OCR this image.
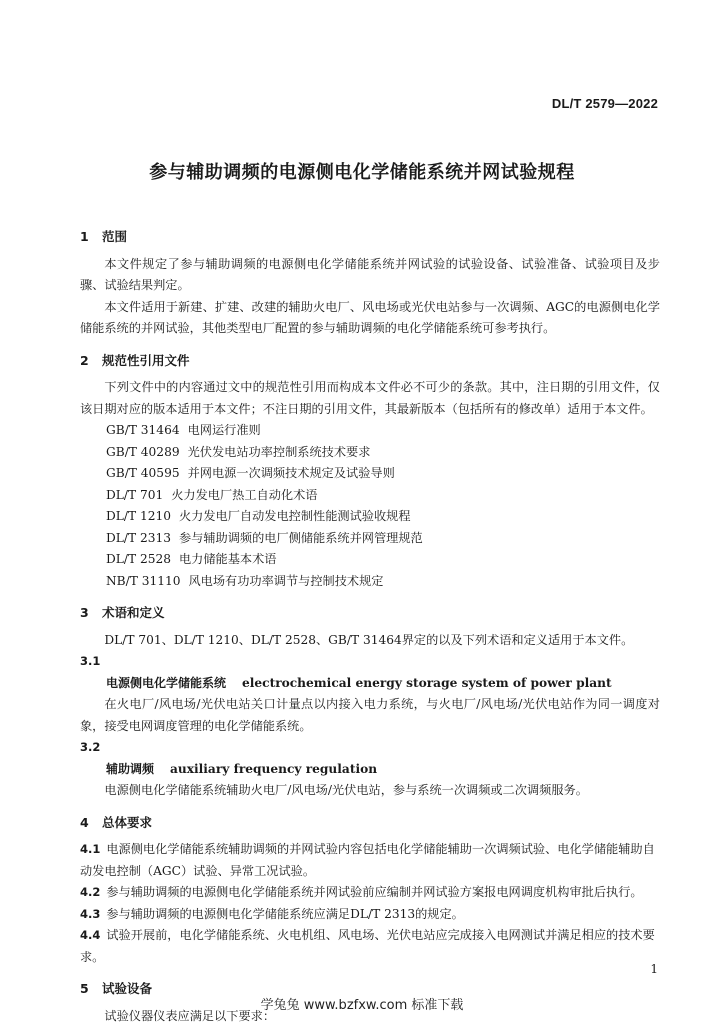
DL/T 2579—2022
参与辅助调频的电源侧电化学储能系统并网试验规程
1 范围

本文件规定了参与辅助调频的电源侧电化学储能系统并网试验的试验设备、试验准备、试验项目及步骤、试验结果判定。

本文件适用于新建、扩建、改建的辅助火电厂、风电场或光伏电站参与一次调频、AGC的电源侧电化学储能系统的并网试验，其他类型电厂配置的参与辅助调频的电化学储能系统可参考执行。

2 规范性引用文件

下列文件中的内容通过文中的规范性引用而构成本文件必不可少的条款。其中，注日期的引用文件，仅该日期对应的版本适用于本文件；不注日期的引用文件，其最新版本（包括所有的修改单）适用于本文件。

GB/T 31464 电网运行准则
GB/T 40289 光伏发电站功率控制系统技术要求
GB/T 40595 并网电源一次调频技术规定及试验导则
DL/T 701 火力发电厂热工自动化术语
DL/T 1210 火力发电厂自动发电控制性能测试验收规程
DL/T 2313 参与辅助调频的电厂侧储能系统并网管理规范
DL/T 2528 电力储能基本术语
NB/T 31110 风电场有功功率调节与控制技术规定
3 术语和定义

DL/T 701、DL/T 1210、DL/T 2528、GB/T 31464界定的以及下列术语和定义适用于本文件。

3.1
电源侧电化学储能系统 electrochemical energy storage system of power plant

在火电厂/风电场/光伏电站关口计量点以内接入电力系统，与火电厂/风电场/光伏电站作为同一调度对象，接受电网调度管理的电化学储能系统。

3.2
辅助调频 auxiliary frequency regulation

电源侧电化学储能系统辅助火电厂/风电场/光伏电站，参与系统一次调频或二次调频服务。

4 总体要求

4.1 电源侧电化学储能系统辅助调频的并网试验内容包括电化学储能辅助一次调频试验、电化学储能辅助自动发电控制（AGC）试验、异常工况试验。

4.2 参与辅助调频的电源侧电化学储能系统并网试验前应编制并网试验方案报电网调度机构审批后执行。

4.3 参与辅助调频的电源侧电化学储能系统应满足DL/T 2313的规定。

4.4 试验开展前，电化学储能系统、火电机组、风电场、光伏电站应完成接入电网测试并满足相应的技术要求。

5 试验设备

试验仪器仪表应满足以下要求：

1
学兔兔 www.bzfxw.com 标准下载
